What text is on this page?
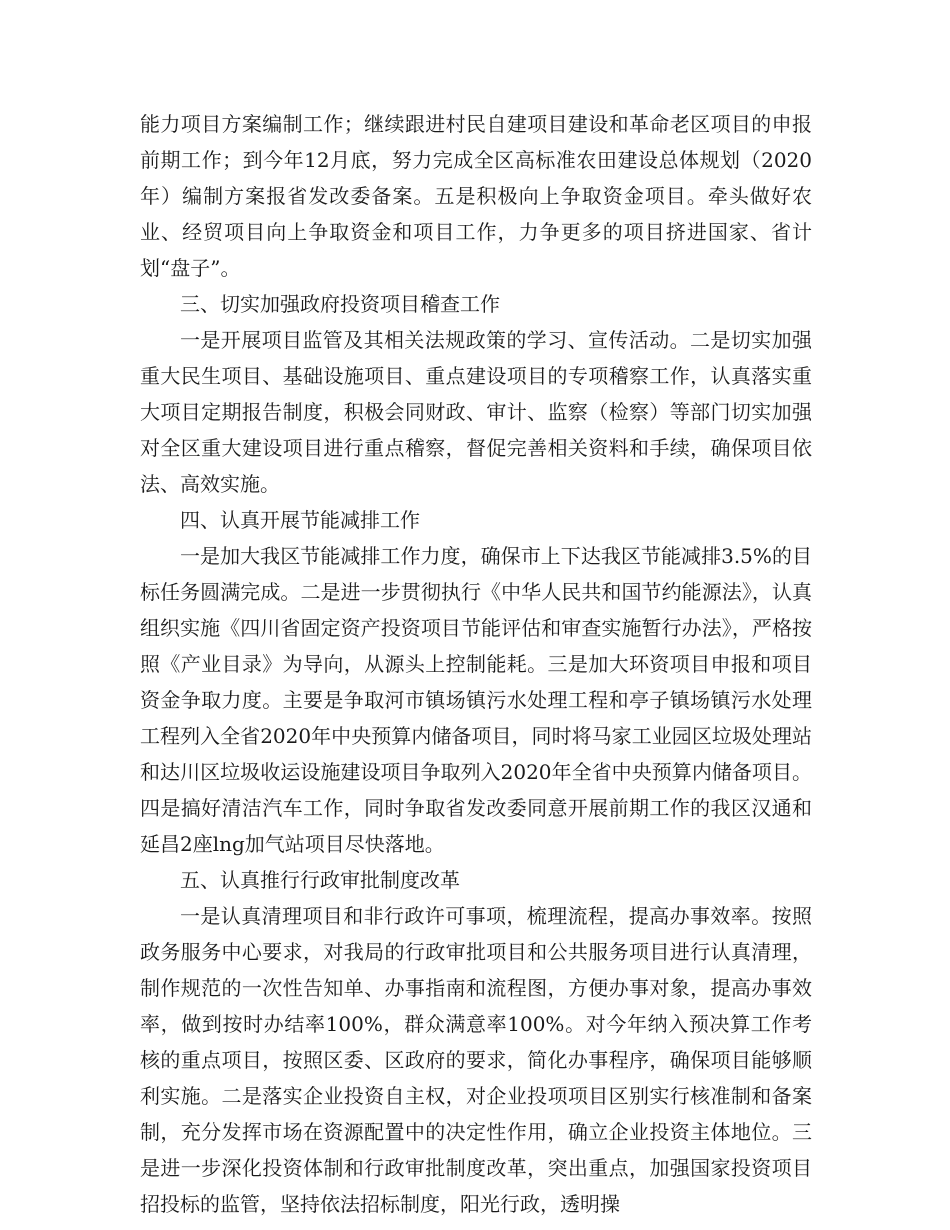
能力项目方案编制工作；继续跟进村民自建项目建设和革命老区项目的申报前期工作；到今年12月底，努力完成全区高标准农田建设总体规划（2020年）编制方案报省发改委备案。五是积极向上争取资金项目。牵头做好农业、经贸项目向上争取资金和项目工作，力争更多的项目挤进国家、省计划“盘子”。

三、切实加强政府投资项目稽查工作

一是开展项目监管及其相关法规政策的学习、宣传活动。二是切实加强重大民生项目、基础设施项目、重点建设项目的专项稽察工作，认真落实重大项目定期报告制度，积极会同财政、审计、监察（检察）等部门切实加强对全区重大建设项目进行重点稽察，督促完善相关资料和手续，确保项目依法、高效实施。

四、认真开展节能减排工作

一是加大我区节能减排工作力度，确保市上下达我区节能减排3.5%的目标任务圆满完成。二是进一步贯彻执行《中华人民共和国节约能源法》，认真组织实施《四川省固定资产投资项目节能评估和审查实施暂行办法》，严格按照《产业目录》为导向，从源头上控制能耗。三是加大环资项目申报和项目资金争取力度。主要是争取河市镇场镇污水处理工程和亭子镇场镇污水处理工程列入全省2020年中央预算内储备项目，同时将马家工业园区垃圾处理站和达川区垃圾收运设施建设项目争取列入2020年全省中央预算内储备项目。四是搞好清洁汽车工作，同时争取省发改委同意开展前期工作的我区汉通和延昌2座lng加气站项目尽快落地。

五、认真推行行政审批制度改革

一是认真清理项目和非行政许可事项，梳理流程，提高办事效率。按照政务服务中心要求，对我局的行政审批项目和公共服务项目进行认真清理，制作规范的一次性告知单、办事指南和流程图，方便办事对象，提高办事效率，做到按时办结率100%，群众满意率100%。对今年纳入预决算工作考核的重点项目，按照区委、区政府的要求，简化办事程序，确保项目能够顺利实施。二是落实企业投资自主权，对企业投项项目区别实行核准制和备案制，充分发挥市场在资源配置中的决定性作用，确立企业投资主体地位。三是进一步深化投资体制和行政审批制度改革，突出重点，加强国家投资项目招投标的监管，坚持依法招标制度，阳光行政，透明操
